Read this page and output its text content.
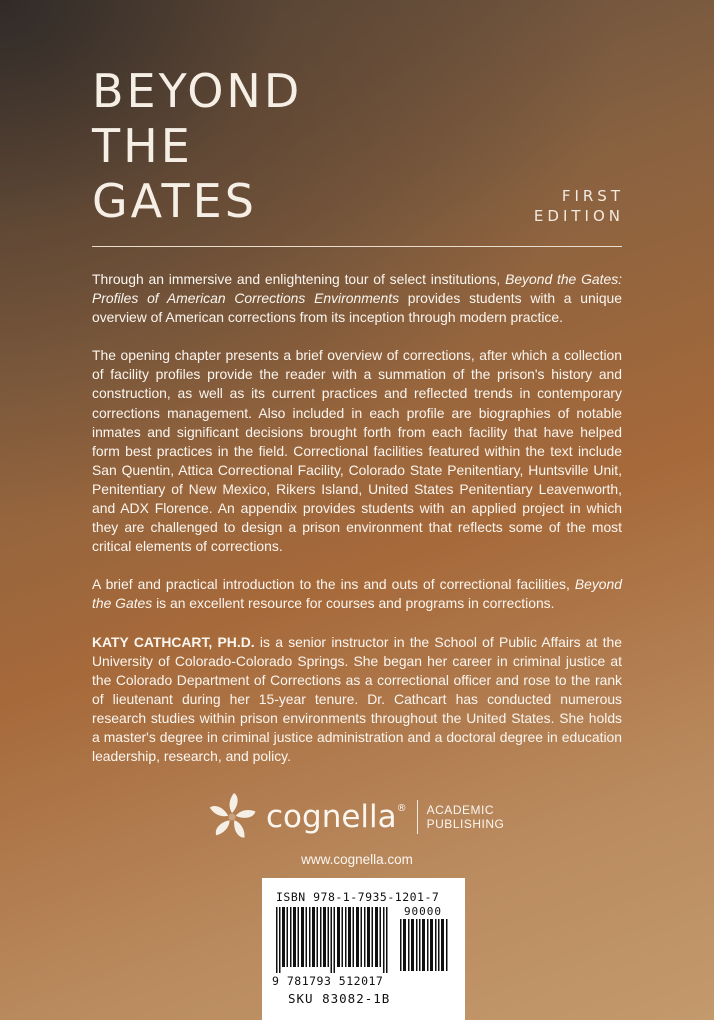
BEYOND
THE
GATES	FIRST
EDITION

Through an immersive and enlightening tour of select institutions, Beyond the Gates: Profiles of American Corrections Environments provides students with a unique overview of American corrections from its inception through modern practice.

The opening chapter presents a brief overview of corrections, after which a collection of facility profiles provide the reader with a summation of the prison's history and construction, as well as its current practices and reflected trends in contemporary corrections management. Also included in each profile are biographies of notable inmates and significant decisions brought forth from each facility that have helped form best practices in the field. Correctional facilities featured within the text include San Quentin, Attica Correctional Facility, Colorado State Penitentiary, Huntsville Unit, Penitentiary of New Mexico, Rikers Island, United States Penitentiary Leavenworth, and ADX Florence. An appendix provides students with an applied project in which they are challenged to design a prison environment that reflects some of the most critical elements of corrections.

A brief and practical introduction to the ins and outs of correctional facilities, Beyond the Gates is an excellent resource for courses and programs in corrections.

KATY CATHCART, PH.D. is a senior instructor in the School of Public Affairs at the University of Colorado-Colorado Springs. She began her career in criminal justice at the Colorado Department of Corrections as a correctional officer and rose to the rank of lieutenant during her 15-year tenure. Dr. Cathcart has conducted numerous research studies within prison environments throughout the United States. She holds a master's degree in criminal justice administration and a doctoral degree in education leadership, research, and policy.

cognella® ACADEMIC
PUBLISHING
www.cognella.com
ISBN 978-1-7935-1201-7
90000
9 781793 512017
SKU 83082-1B
